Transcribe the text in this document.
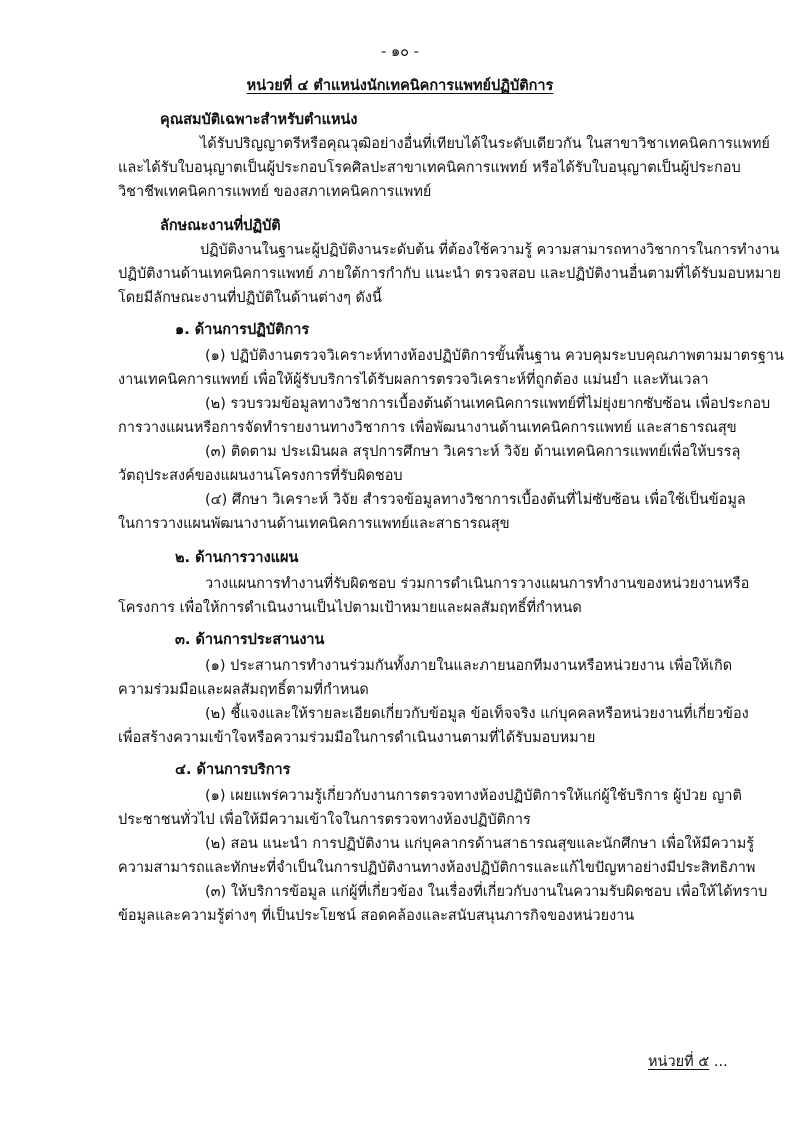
- ๑๐ -
หน่วยที่ ๔ ตำแหน่งนักเทคนิคการแพทย์ปฏิบัติการ
คุณสมบัติเฉพาะสำหรับตำแหน่ง
ได้รับปริญญาตรีหรือคุณวุฒิอย่างอื่นที่เทียบได้ในระดับเดียวกัน ในสาขาวิชาเทคนิคการแพทย์
และได้รับใบอนุญาตเป็นผู้ประกอบโรคศิลปะสาขาเทคนิคการแพทย์ หรือได้รับใบอนุญาตเป็นผู้ประกอบ
วิชาชีพเทคนิคการแพทย์ ของสภาเทคนิคการแพทย์
ลักษณะงานที่ปฏิบัติ
ปฏิบัติงานในฐานะผู้ปฏิบัติงานระดับต้น ที่ต้องใช้ความรู้ ความสามารถทางวิชาการในการทำงาน
ปฏิบัติงานด้านเทคนิคการแพทย์ ภายใต้การกำกับ แนะนำ ตรวจสอบ และปฏิบัติงานอื่นตามที่ได้รับมอบหมาย
โดยมีลักษณะงานที่ปฏิบัติในด้านต่างๆ ดังนี้
๑. ด้านการปฏิบัติการ
(๑) ปฏิบัติงานตรวจวิเคราะห์ทางห้องปฏิบัติการขั้นพื้นฐาน ควบคุมระบบคุณภาพตามมาตรฐาน
งานเทคนิคการแพทย์ เพื่อให้ผู้รับบริการได้รับผลการตรวจวิเคราะห์ที่ถูกต้อง แม่นยำ และทันเวลา
(๒) รวบรวมข้อมูลทางวิชาการเบื้องต้นด้านเทคนิคการแพทย์ที่ไม่ยุ่งยากซับซ้อน เพื่อประกอบ
การวางแผนหรือการจัดทำรายงานทางวิชาการ เพื่อพัฒนางานด้านเทคนิคการแพทย์ และสาธารณสุข
(๓) ติดตาม ประเมินผล สรุปการศึกษา วิเคราะห์ วิจัย ด้านเทคนิคการแพทย์เพื่อให้บรรลุ
วัตถุประสงค์ของแผนงานโครงการที่รับผิดชอบ
(๔) ศึกษา วิเคราะห์ วิจัย สำรวจข้อมูลทางวิชาการเบื้องต้นที่ไม่ซับซ้อน เพื่อใช้เป็นข้อมูล
ในการวางแผนพัฒนางานด้านเทคนิคการแพทย์และสาธารณสุข
๒. ด้านการวางแผน
วางแผนการทำงานที่รับผิดชอบ ร่วมการดำเนินการวางแผนการทำงานของหน่วยงานหรือ
โครงการ เพื่อให้การดำเนินงานเป็นไปตามเป้าหมายและผลสัมฤทธิ์ที่กำหนด
๓. ด้านการประสานงาน
(๑) ประสานการทำงานร่วมกันทั้งภายในและภายนอกทีมงานหรือหน่วยงาน เพื่อให้เกิด
ความร่วมมือและผลสัมฤทธิ์ตามที่กำหนด
(๒) ชี้แจงและให้รายละเอียดเกี่ยวกับข้อมูล ข้อเท็จจริง แก่บุคคลหรือหน่วยงานที่เกี่ยวข้อง
เพื่อสร้างความเข้าใจหรือความร่วมมือในการดำเนินงานตามที่ได้รับมอบหมาย
๔. ด้านการบริการ
(๑) เผยแพร่ความรู้เกี่ยวกับงานการตรวจทางห้องปฏิบัติการให้แก่ผู้ใช้บริการ ผู้ป่วย ญาติ
ประชาชนทั่วไป เพื่อให้มีความเข้าใจในการตรวจทางห้องปฏิบัติการ
(๒) สอน แนะนำ การปฏิบัติงาน แก่บุคลากรด้านสาธารณสุขและนักศึกษา เพื่อให้มีความรู้
ความสามารถและทักษะที่จำเป็นในการปฏิบัติงานทางห้องปฏิบัติการและแก้ไขปัญหาอย่างมีประสิทธิภาพ
(๓) ให้บริการข้อมูล แก่ผู้ที่เกี่ยวข้อง ในเรื่องที่เกี่ยวกับงานในความรับผิดชอบ เพื่อให้ได้ทราบ
ข้อมูลและความรู้ต่างๆ ที่เป็นประโยชน์ สอดคล้องและสนับสนุนภารกิจของหน่วยงาน
หน่วยที่ ๕ ...
